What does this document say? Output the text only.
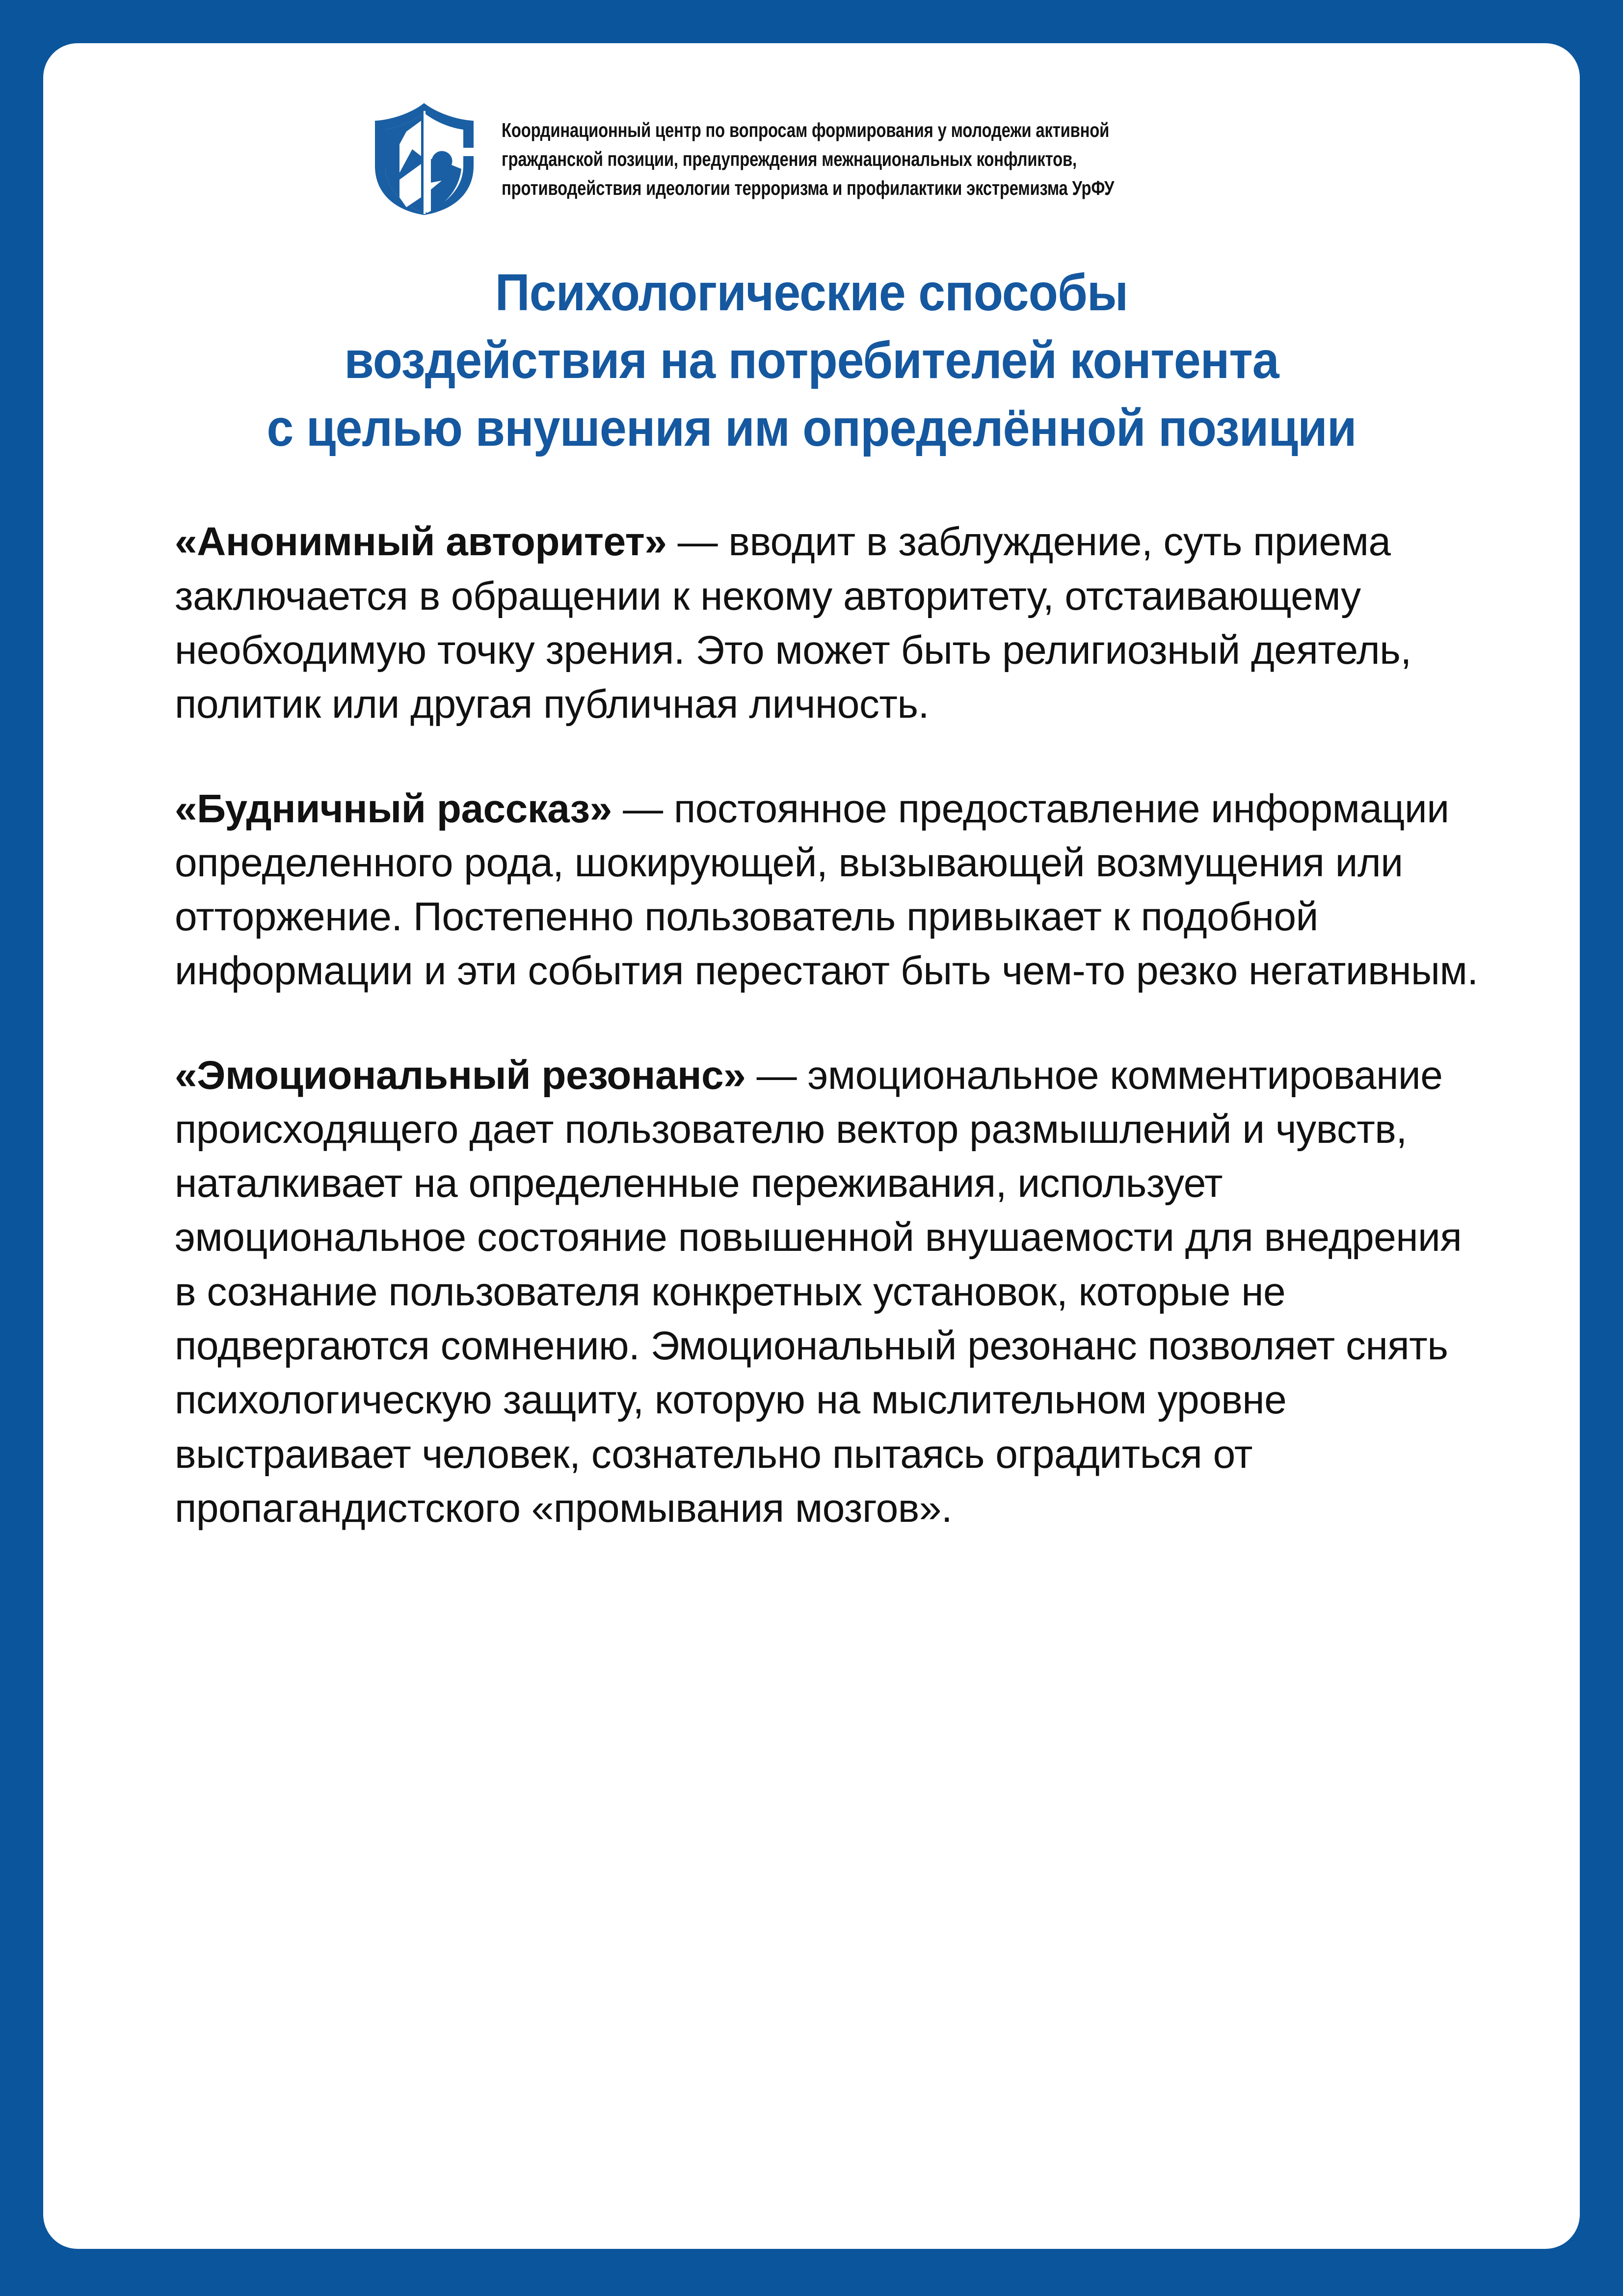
Координационный центр по вопросам формирования у молодежи активной
гражданской позиции, предупреждения межнациональных конфликтов,
противодействия идеологии терроризма и профилактики экстремизма УрФУ
Психологические способы
воздействия на потребителей контента
с целью внушения им определённой позиции

«Анонимный авторитет» — вводит в заблуждение, суть приема заключается в обращении к некому авторитету, отстаивающему необходимую точку зрения. Это может быть религиозный деятель, политик или другая публичная личность.

«Будничный рассказ» — постоянное предоставление информации определенного рода, шокирующей, вызывающей возмущения или отторжение. Постепенно пользователь привыкает к подобной информации и эти события перестают быть чем-то резко негативным.

«Эмоциональный резонанс» — эмоциональное комментирование происходящего дает пользователю вектор размышлений и чувств, наталкивает на определенные переживания, использует эмоциональное состояние повышенной внушаемости для внедрения в сознание пользователя конкретных установок, которые не подвергаются сомнению. Эмоциональный резонанс позволяет снять психологическую защиту, которую на мыслительном уровне выстраивает человек, сознательно пытаясь оградиться от пропагандистского «промывания мозгов».
